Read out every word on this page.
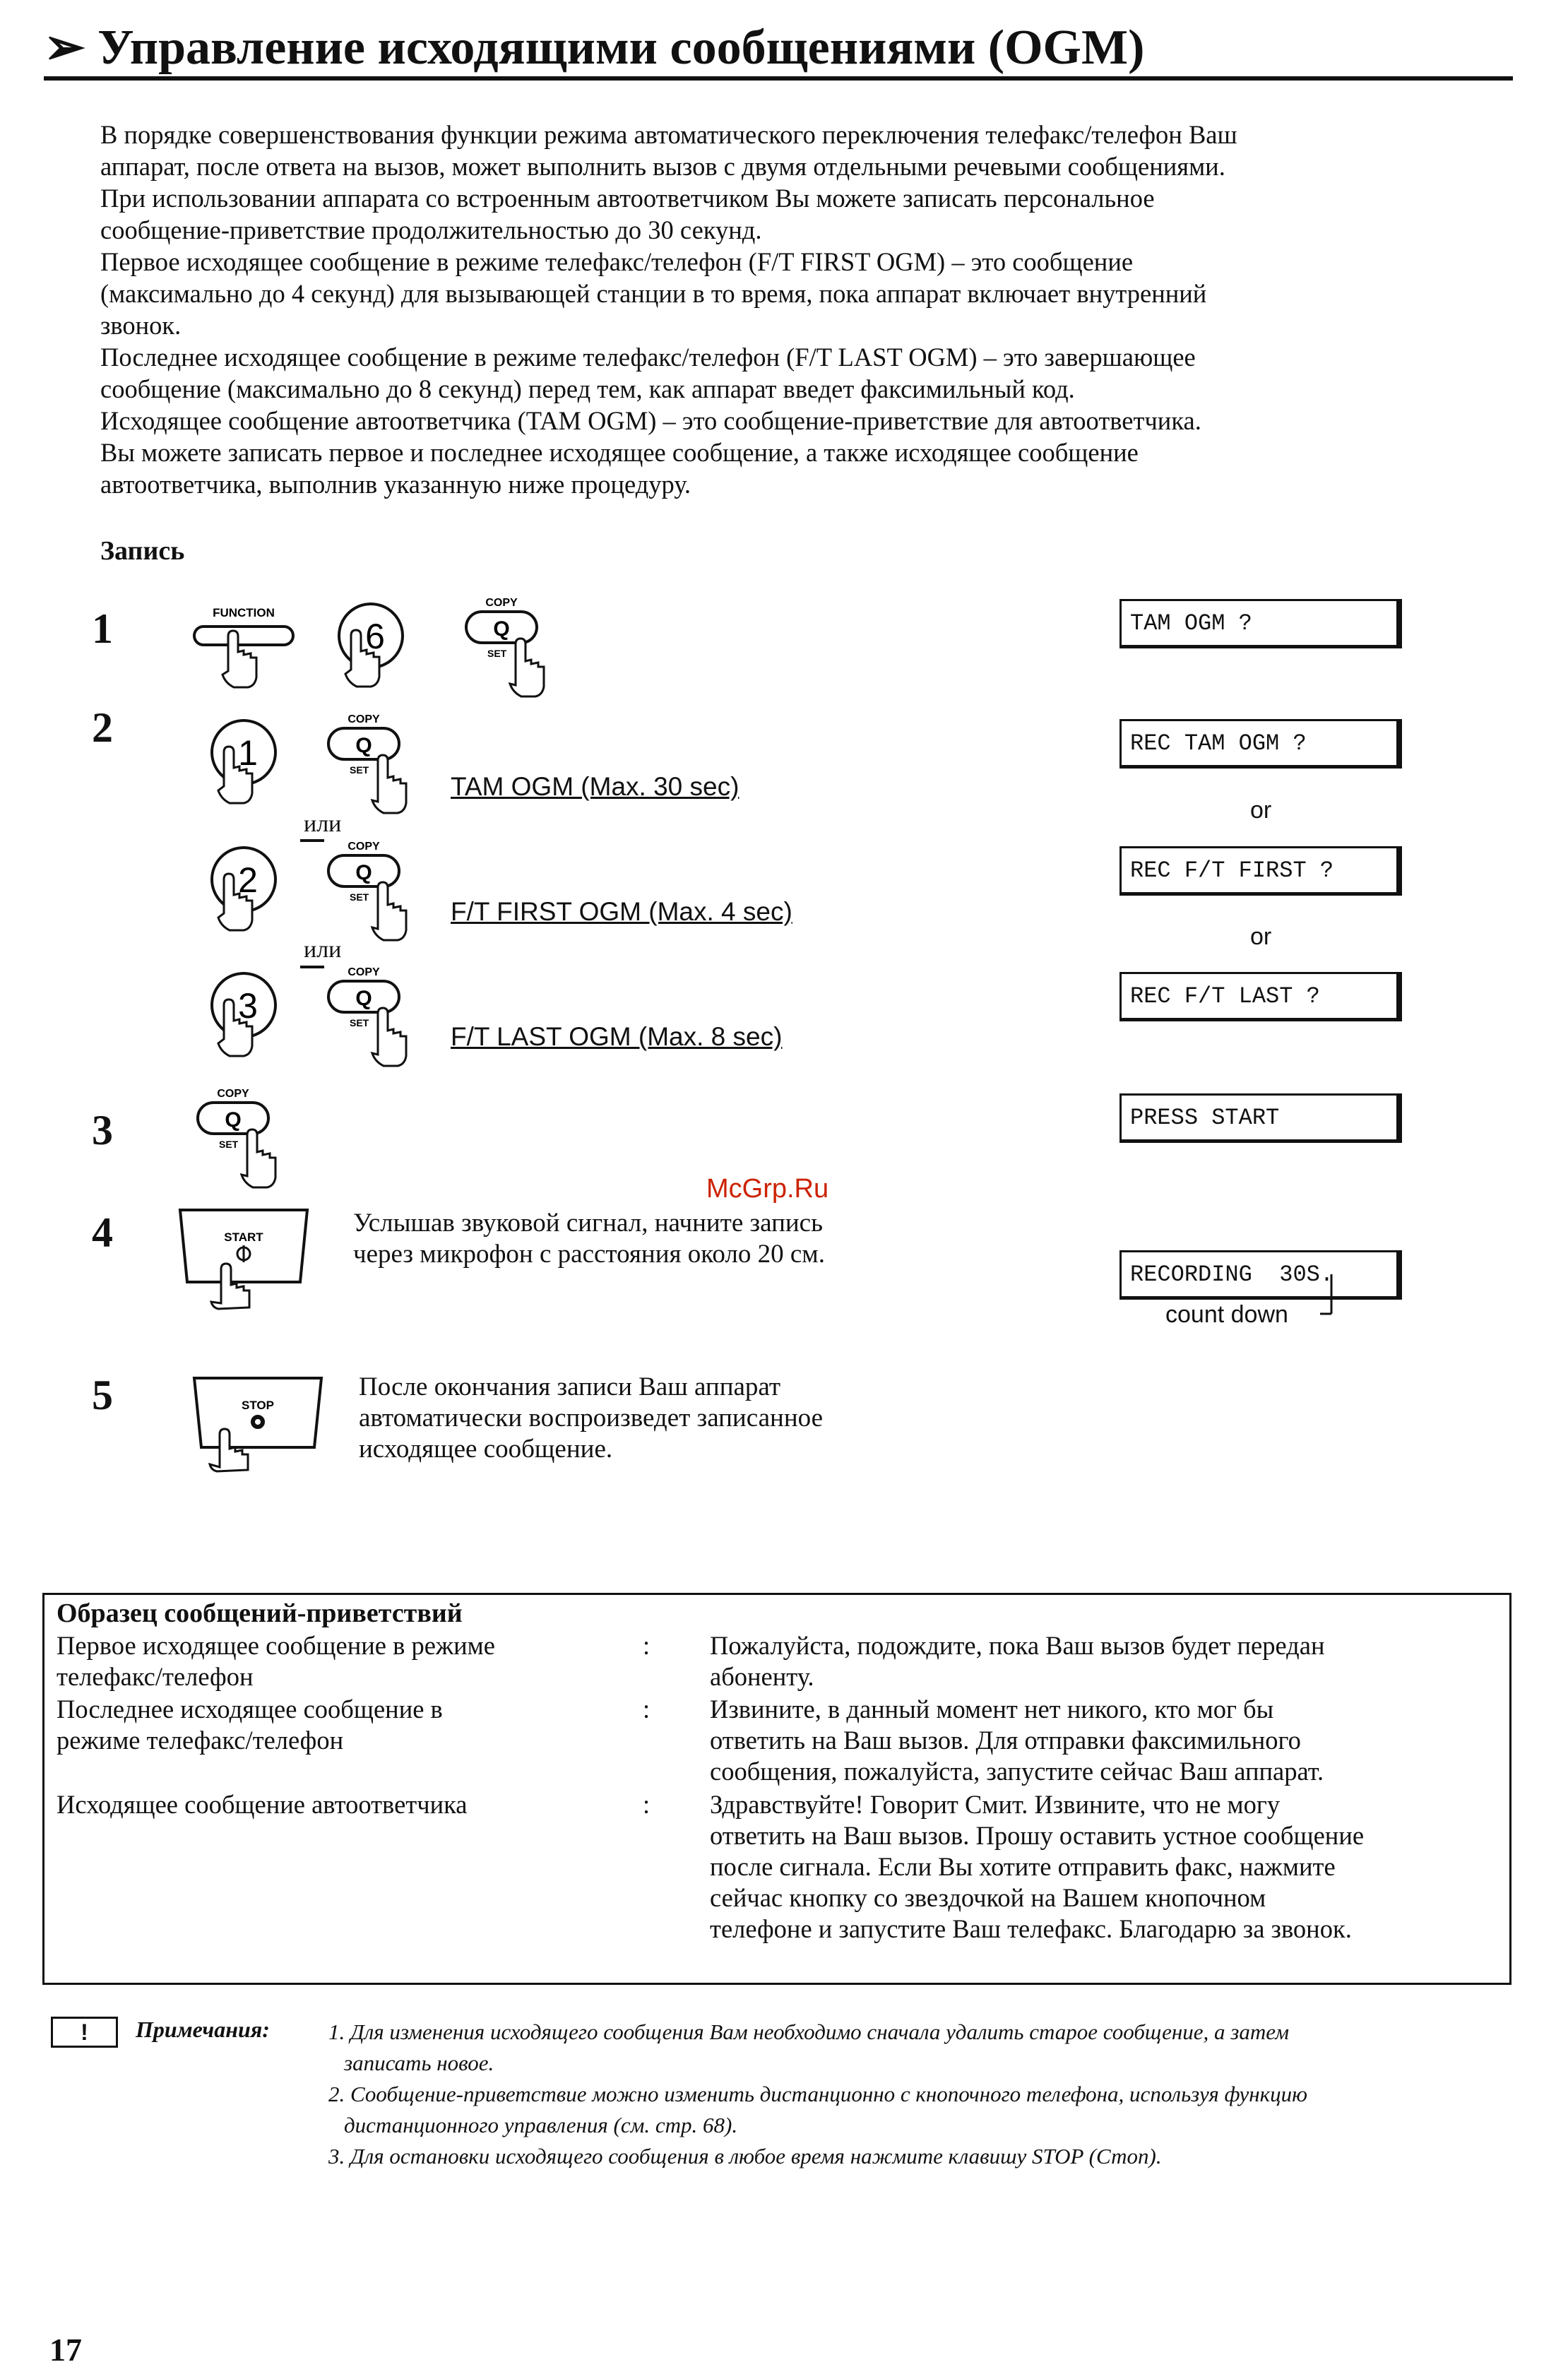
➢ Управление исходящими сообщениями (OGM)

В порядке совершенствования функции режима автоматического переключения телефакс/телефон Ваш

аппарат, после ответа на вызов, может выполнить вызов с двумя отдельными речевыми сообщениями.

При использовании аппарата со встроенным автоответчиком Вы можете записать персональное

сообщение-приветствие продолжительностью до 30 секунд.

Первое исходящее сообщение в режиме телефакс/телефон (F/T FIRST OGM) – это сообщение

(максимально до 4 секунд) для вызывающей станции в то время, пока аппарат включает внутренний

звонок.

Последнее исходящее сообщение в режиме телефакс/телефон (F/T LAST OGM) – это завершающее

сообщение (максимально до 8 секунд) перед тем, как аппарат введет факсимильный код.

Исходящее сообщение автоответчика (TAM OGM) – это сообщение-приветствие для автоответчика.

Вы можете записать первое и последнее исходящее сообщение, а также исходящее сообщение

автоответчика, выполнив указанную ниже процедуру.

Запись
1
2
3
4
5
FUNCTION
6
COPY
Q
SET
1
COPY
Q
SET
TAM OGM (Max. 30 sec)
или
2
COPY
Q
SET	F/T FIRST OGM (Max. 4 sec)
или
3
COPY
Q
SET	F/T LAST OGM (Max. 8 sec)
COPY
Q
SET
START	Услышав звуковой сигнал, начните запись

через микрофон с расстояния около 20 см.

STOP

После окончания записи Ваш аппарат

автоматически воспроизведет записанное

исходящее сообщение.

TAM OGM ?
REC TAM OGM ?
or
REC F/T FIRST ?
or
REC F/T LAST ?
PRESS START
RECORDING  30S.
count down
McGrp.Ru
Образец сообщений-приветствий
Первое исходящее сообщение в режиме
телефакс/телефон
: Пожалуйста, подождите, пока Ваш вызов будет передан
абоненту.
Последнее исходящее сообщение в
режиме телефакс/телефон
: Извините, в данный момент нет никого, кто мог бы
ответить на Ваш вызов. Для отправки факсимильного
сообщения, пожалуйста, запустите сейчас Ваш аппарат.
Исходящее сообщение автоответчика	: Здравствуйте! Говорит Смит. Извините, что не могу
ответить на Ваш вызов. Прошу оставить устное сообщение
после сигнала. Если Вы хотите отправить факс, нажмите
сейчас кнопку со звездочкой на Вашем кнопочном
телефоне и запустите Ваш телефакс. Благодарю за звонок.
!	Примечания:	1. Для изменения исходящего сообщения Вам необходимо сначала удалить старое сообщение, а затем

записать новое.

2. Сообщение-приветствие можно изменить дистанционно с кнопочного телефона, используя функцию

дистанционного управления (см. стр. 68).

3. Для остановки исходящего сообщения в любое время нажмите клавишу STOP (Стоп).

17
